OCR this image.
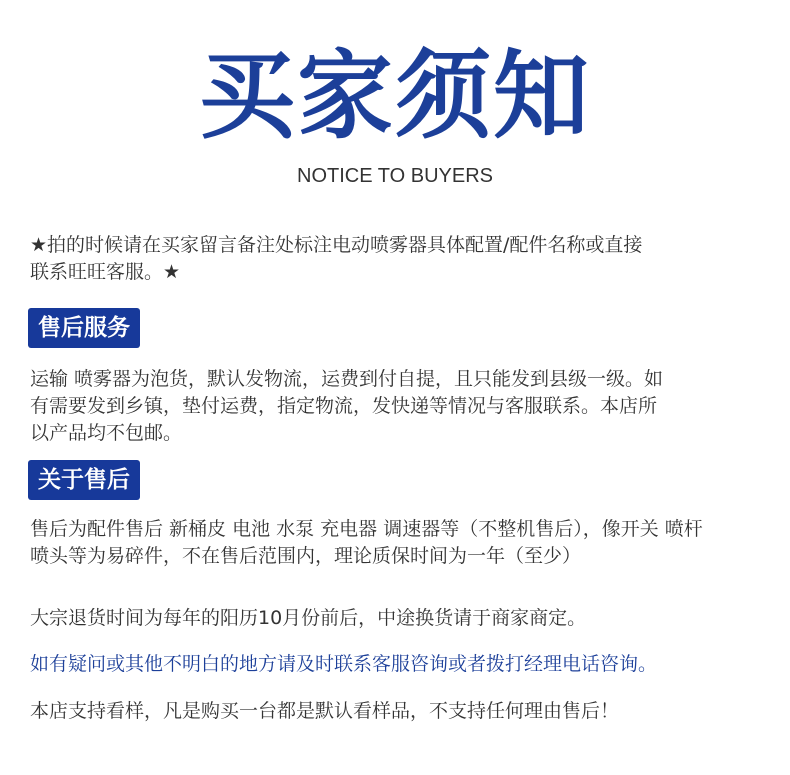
买家须知
NOTICE TO BUYERS
★拍的时候请在买家留言备注处标注电动喷雾器具体配置/配件名称或直接
联系旺旺客服。★
售后服务
运输 喷雾器为泡货，默认发物流，运费到付自提，且只能发到县级一级。如
有需要发到乡镇，垫付运费，指定物流，发快递等情况与客服联系。本店所
以产品均不包邮。
关于售后
售后为配件售后 新桶皮 电池 水泵 充电器 调速器等（不整机售后），像开关 喷杆
喷头等为易碎件，不在售后范围内，理论质保时间为一年（至少）
大宗退货时间为每年的阳历10月份前后，中途换货请于商家商定。
如有疑问或其他不明白的地方请及时联系客服咨询或者拨打经理电话咨询。
本店支持看样，凡是购买一台都是默认看样品，不支持任何理由售后！
